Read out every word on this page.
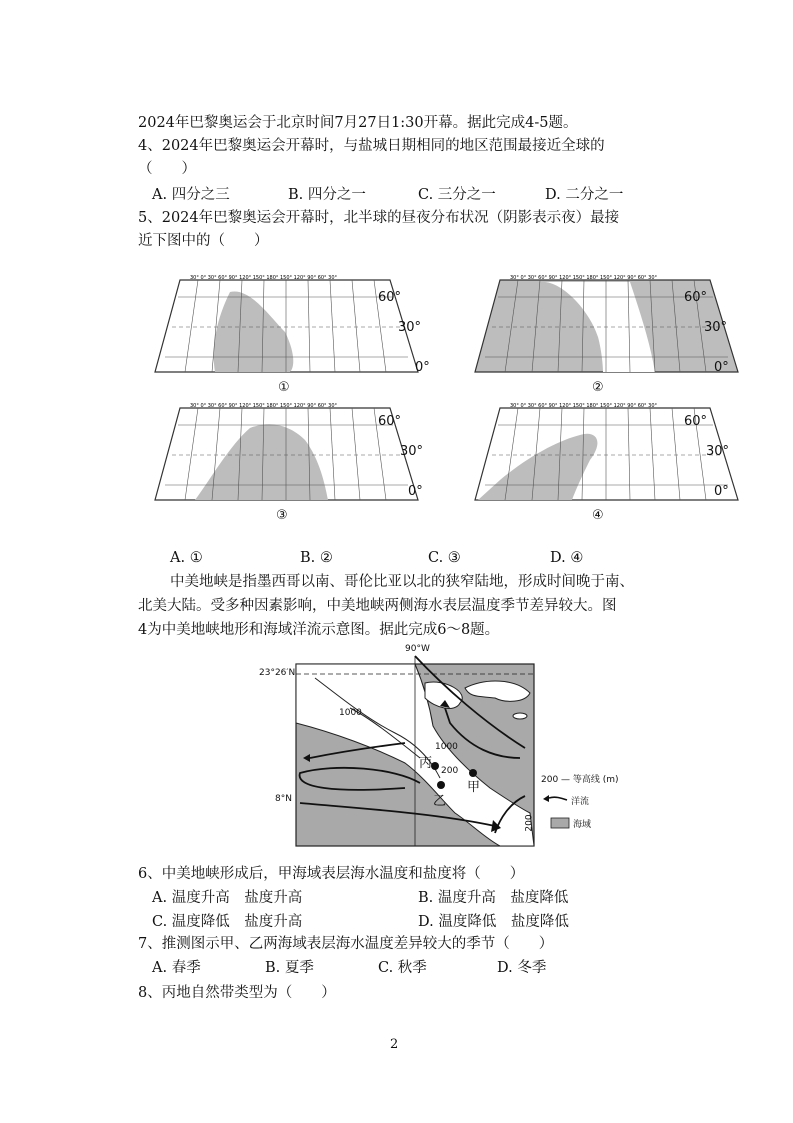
2024年巴黎奥运会于北京时间7月27日1:30开幕。据此完成4-5题。
4、2024年巴黎奥运会开幕时，与盐城日期相同的地区范围最接近全球的
（　　）
A. 四分之三	B. 四分之一	C. 三分之一	D. 二分之一
5、2024年巴黎奥运会开幕时，北半球的昼夜分布状况（阴影表示夜）最接
近下图中的（　　）
30° 0° 30° 60° 90° 120° 150° 180° 150° 120° 90° 60° 30°
60°
30°
0°
①
30° 0° 30° 60° 90° 120° 150° 180° 150° 120° 90° 60° 30°
60°
30°
0°
②
30° 0° 30° 60° 90° 120° 150° 180° 150° 120° 90° 60° 30°
60°
30°
0°
③
30° 0° 30° 60° 90° 120° 150° 180° 150° 120° 90° 60° 30°
60°
30°
0°
④
A. ①	B. ②	C. ③	D. ④
中美地峡是指墨西哥以南、哥伦比亚以北的狭窄陆地，形成时间晚于南、
北美大陆。受多种因素影响，中美地峡两侧海水表层温度季节差异较大。图
4为中美地峡地形和海域洋流示意图。据此完成6～8题。
90°W
23°26′N
8°N
1000
1000
200
200
丙
甲
乙
200 — 等高线 (m)
洋流
海域
6、中美地峡形成后，甲海域表层海水温度和盐度将（　　）
A. 温度升高　盐度升高	B. 温度升高　盐度降低
C. 温度降低　盐度升高	D. 温度降低　盐度降低
7、推测图示甲、乙两海域表层海水温度差异较大的季节（　　）
A. 春季	B. 夏季	C. 秋季	D. 冬季
8、丙地自然带类型为（　　）
2
